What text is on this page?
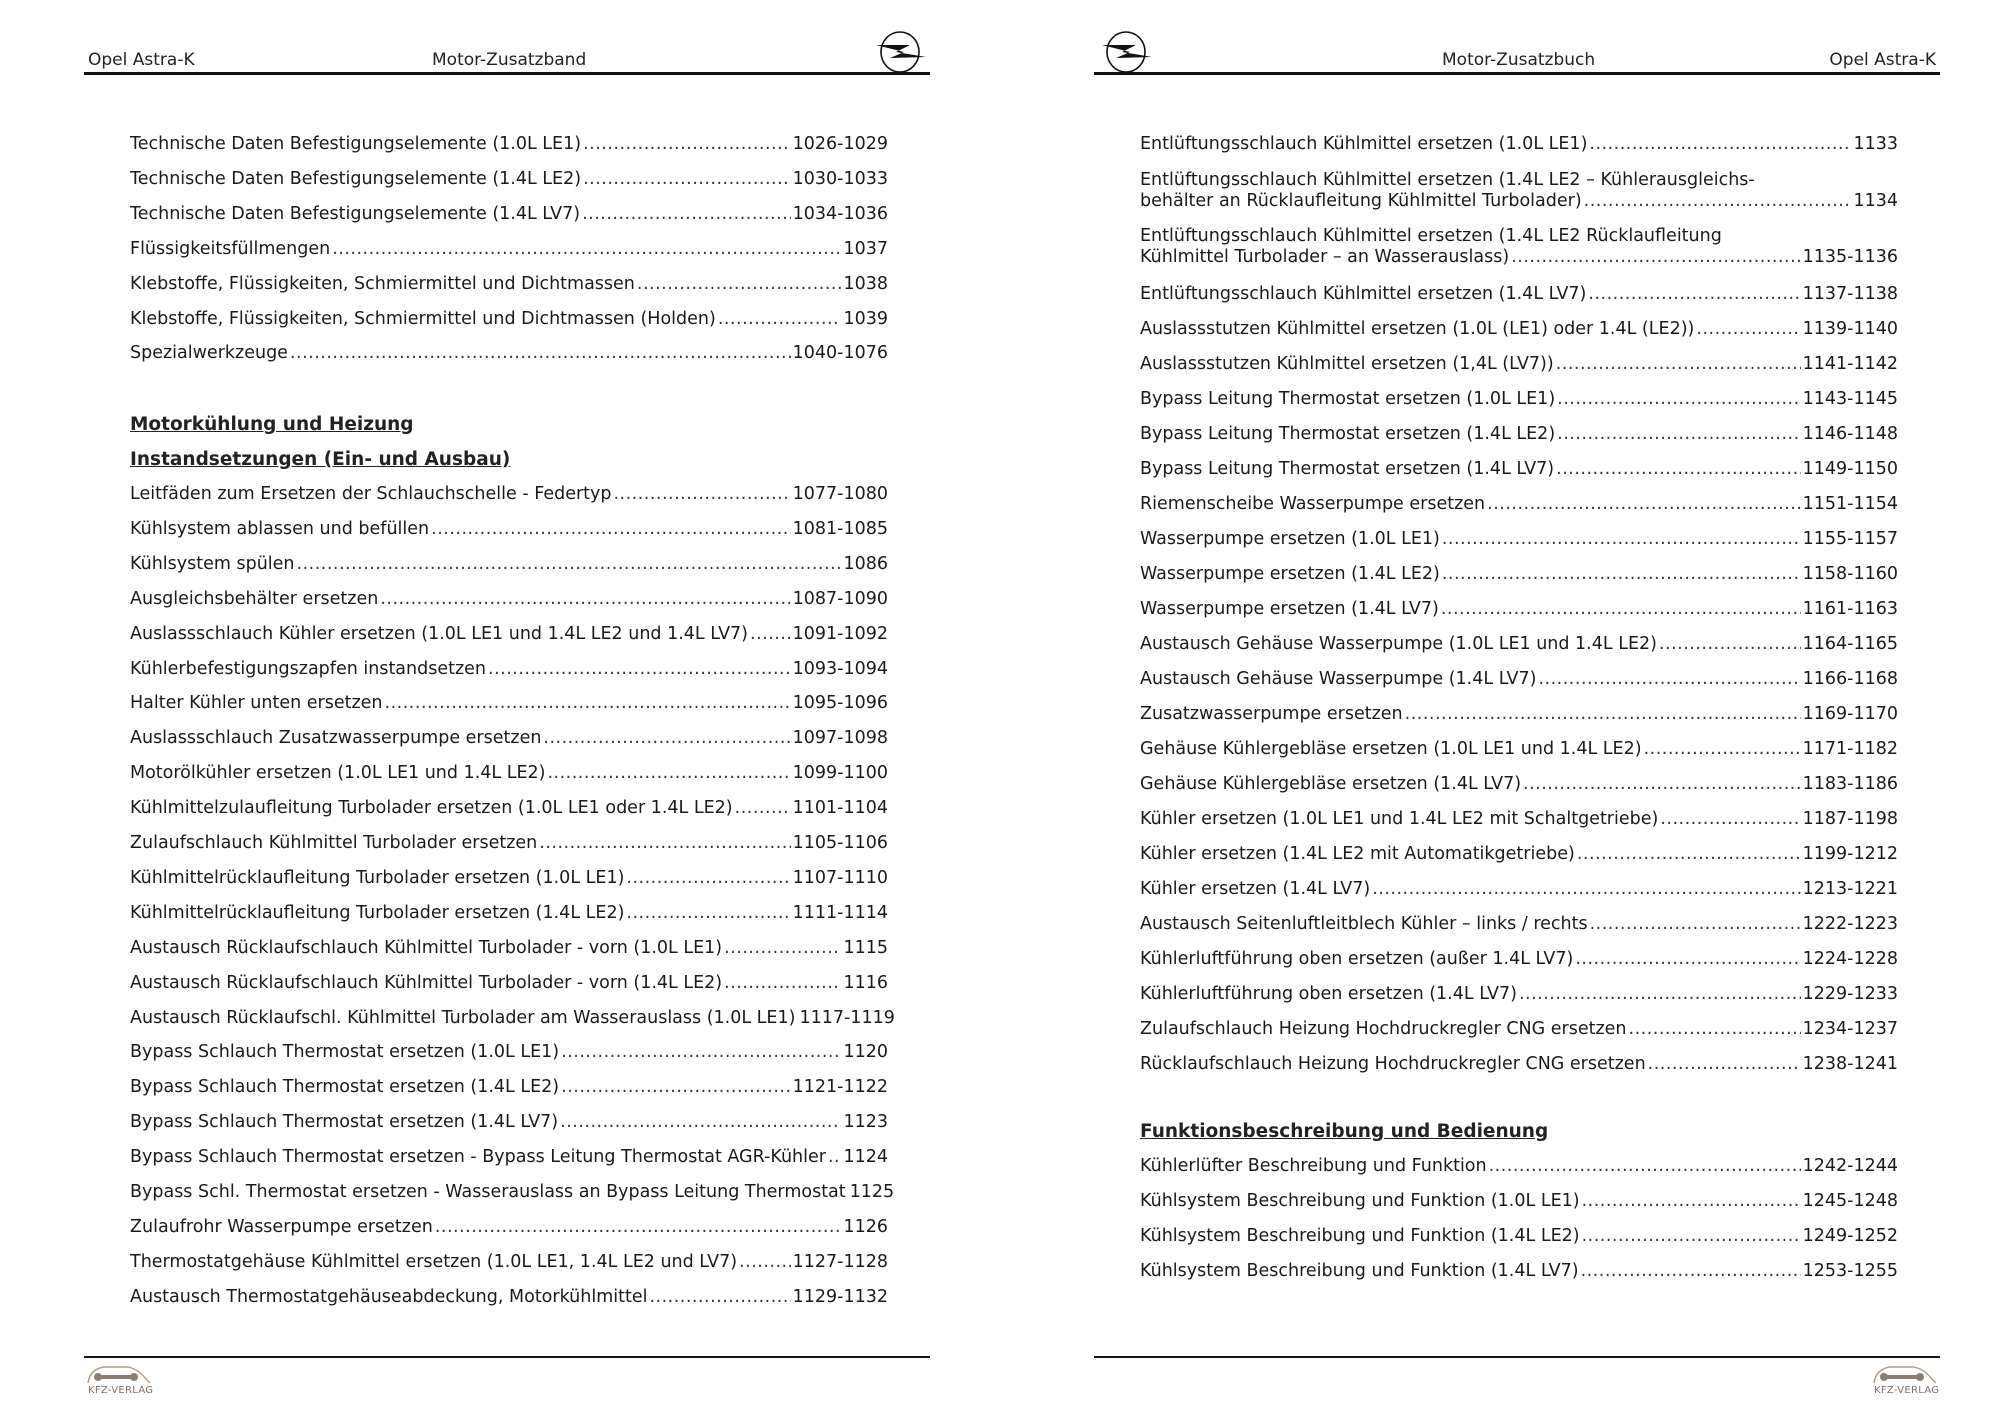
Opel Astra-K	Motor-Zusatzband
Technische Daten Befestigungselemente (1.0L LE1) .....	1026-1029
Technische Daten Befestigungselemente (1.4L LE2) .....	1030-1033
Technische Daten Befestigungselemente (1.4L LV7) .....	1034-1036
Flüssigkeitsfüllmengen .....	1037
Klebstoffe, Flüssigkeiten, Schmiermittel und Dichtmassen .....	1038
Klebstoffe, Flüssigkeiten, Schmiermittel und Dichtmassen (Holden) .....	1039
Spezialwerkzeuge .....	1040-1076
Motorkühlung und Heizung
Instandsetzungen (Ein- und Ausbau)
Leitfäden zum Ersetzen der Schlauchschelle - Federtyp .....	1077-1080
Kühlsystem ablassen und befüllen .....	1081-1085
Kühlsystem spülen .....	1086
Ausgleichsbehälter ersetzen .....	1087-1090
Auslassschlauch Kühler ersetzen (1.0L LE1 und 1.4L LE2 und 1.4L LV7) .....	1091-1092
Kühlerbefestigungszapfen instandsetzen .....	1093-1094
Halter Kühler unten ersetzen .....	1095-1096
Auslassschlauch Zusatzwasserpumpe ersetzen .....	1097-1098
Motorölkühler ersetzen (1.0L LE1 und 1.4L LE2) .....	1099-1100
Kühlmittelzulaufleitung Turbolader ersetzen (1.0L LE1 oder 1.4L LE2) .....	1101-1104
Zulaufschlauch Kühlmittel Turbolader ersetzen .....	1105-1106
Kühlmittelrücklaufleitung Turbolader ersetzen (1.0L LE1) .....	1107-1110
Kühlmittelrücklaufleitung Turbolader ersetzen (1.4L LE2) .....	1111-1114
Austausch Rücklaufschlauch Kühlmittel Turbolader - vorn (1.0L LE1) .....	1115
Austausch Rücklaufschlauch Kühlmittel Turbolader - vorn (1.4L LE2) .....	1116
Austausch Rücklaufschl. Kühlmittel Turbolader am Wasserauslass (1.0L LE1) 1117-1119
Bypass Schlauch Thermostat ersetzen (1.0L LE1) .....	1120
Bypass Schlauch Thermostat ersetzen (1.4L LE2) .....	1121-1122
Bypass Schlauch Thermostat ersetzen (1.4L LV7) .....	1123
Bypass Schlauch Thermostat ersetzen - Bypass Leitung Thermostat AGR-Kühler ..... 1124
Bypass Schl. Thermostat ersetzen - Wasserauslass an Bypass Leitung Thermostat 1125
Zulaufrohr Wasserpumpe ersetzen .....	1126
Thermostatgehäuse Kühlmittel ersetzen (1.0L LE1, 1.4L LE2 und LV7) .....	1127-1128
Austausch Thermostatgehäuseabdeckung, Motorkühlmittel .....	1129-1132
KFZ-VERLAG
Motor-Zusatzbuch	Opel Astra-K
Entlüftungsschlauch Kühlmittel ersetzen (1.0L LE1) .....	1133
Entlüftungsschlauch Kühlmittel ersetzen (1.4L LE2 – Kühlerausgleichs-
behälter an Rücklaufleitung Kühlmittel Turbolader) .....	1134
Entlüftungsschlauch Kühlmittel ersetzen (1.4L LE2 Rücklaufleitung
Kühlmittel Turbolader – an Wasserauslass) .....	1135-1136
Entlüftungsschlauch Kühlmittel ersetzen (1.4L LV7) .....	1137-1138
Auslassstutzen Kühlmittel ersetzen (1.0L (LE1) oder 1.4L (LE2)) .....	1139-1140
Auslassstutzen Kühlmittel ersetzen (1,4L (LV7)) .....	1141-1142
Bypass Leitung Thermostat ersetzen (1.0L LE1) .....	1143-1145
Bypass Leitung Thermostat ersetzen (1.4L LE2) .....	1146-1148
Bypass Leitung Thermostat ersetzen (1.4L LV7) .....	1149-1150
Riemenscheibe Wasserpumpe ersetzen .....	1151-1154
Wasserpumpe ersetzen (1.0L LE1) .....	1155-1157
Wasserpumpe ersetzen (1.4L LE2) .....	1158-1160
Wasserpumpe ersetzen (1.4L LV7) .....	1161-1163
Austausch Gehäuse Wasserpumpe (1.0L LE1 und 1.4L LE2) .....	1164-1165
Austausch Gehäuse Wasserpumpe (1.4L LV7) .....	1166-1168
Zusatzwasserpumpe ersetzen .....	1169-1170
Gehäuse Kühlergebläse ersetzen (1.0L LE1 und 1.4L LE2) .....	1171-1182
Gehäuse Kühlergebläse ersetzen (1.4L LV7) .....	1183-1186
Kühler ersetzen (1.0L LE1 und 1.4L LE2 mit Schaltgetriebe) .....	1187-1198
Kühler ersetzen (1.4L LE2 mit Automatikgetriebe) .....	1199-1212
Kühler ersetzen (1.4L LV7) .....	1213-1221
Austausch Seitenluftleitblech Kühler – links / rechts .....	1222-1223
Kühlerluftführung oben ersetzen (außer 1.4L LV7) .....	1224-1228
Kühlerluftführung oben ersetzen (1.4L LV7) .....	1229-1233
Zulaufschlauch Heizung Hochdruckregler CNG ersetzen .....	1234-1237
Rücklaufschlauch Heizung Hochdruckregler CNG ersetzen .....	1238-1241
Funktionsbeschreibung und Bedienung
Kühlerlüfter Beschreibung und Funktion .....	1242-1244
Kühlsystem Beschreibung und Funktion (1.0L LE1) .....	1245-1248
Kühlsystem Beschreibung und Funktion (1.4L LE2) .....	1249-1252
Kühlsystem Beschreibung und Funktion (1.4L LV7) .....	1253-1255
KFZ-VERLAG
